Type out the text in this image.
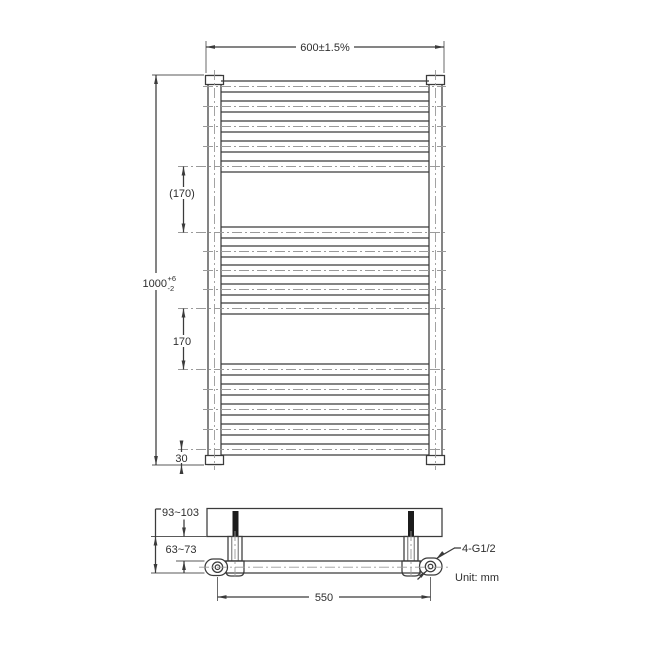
600±1.5%
1000 +6
-2
(170)
170
30
93~103
63~73
550
4-G1/2
Unit: mm
